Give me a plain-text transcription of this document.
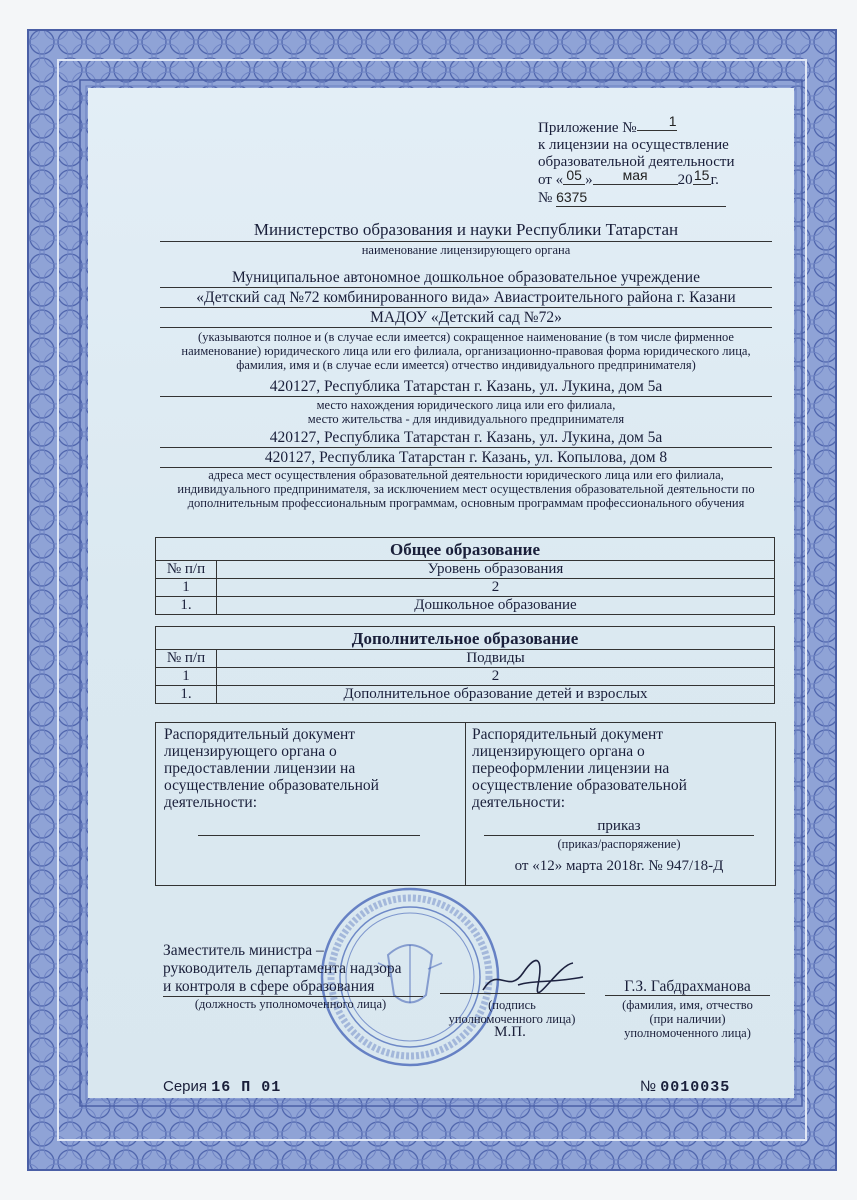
Приложение № 1
к лицензии на осуществление
образовательной деятельности
от « 05 » мая 2015г.
№ 6375
Министерство образования и науки Республики Татарстан
наименование лицензирующего органа
Муниципальное автономное дошкольное образовательное учреждение
«Детский сад №72 комбинированного вида» Авиастроительного района г. Казани
МАДОУ «Детский сад №72»
(указываются полное и (в случае если имеется) сокращенное наименование (в том числе фирменное наименование) юридического лица или его филиала, организационно-правовая форма юридического лица, фамилия, имя и (в случае если имеется) отчество индивидуального предпринимателя)
420127, Республика Татарстан г. Казань, ул. Лукина, дом 5а
место нахождения юридического лица или его филиала,
место жительства - для индивидуального предпринимателя
420127, Республика Татарстан г. Казань, ул. Лукина, дом 5а
420127, Республика Татарстан г. Казань, ул. Копылова, дом 8
адреса мест осуществления образовательной деятельности юридического лица или его филиала, индивидуального предпринимателя, за исключением мест осуществления образовательной деятельности по дополнительным профессиональным программам, основным программам профессионального обучения
Общее образование	
№ п/п	Уровень образования
1	2
1.	Дошкольное образование
Дополнительное образование	
№ п/п	Подвиды
1	2
1.	Дополнительное образование детей и взрослых
Распорядительный документ
лицензирующего органа о
предоставлении лицензии на
осуществление образовательной
деятельности:
Распорядительный документ
лицензирующего органа о
переоформлении лицензии на
осуществление образовательной
деятельности:
приказ
(приказ/распоряжение)
от «12» марта 2018г. № 947/18-Д
Заместитель министра –
руководитель департамента надзора
и контроля в сфере образования
(должность уполномоченного лица)	(подпись
уполномоченного лица)
М.П.
Г.З. Габдрахманова
(фамилия, имя, отчество
(при наличии)
уполномоченного лица)
Серия 16 П 01	№ 0010035
